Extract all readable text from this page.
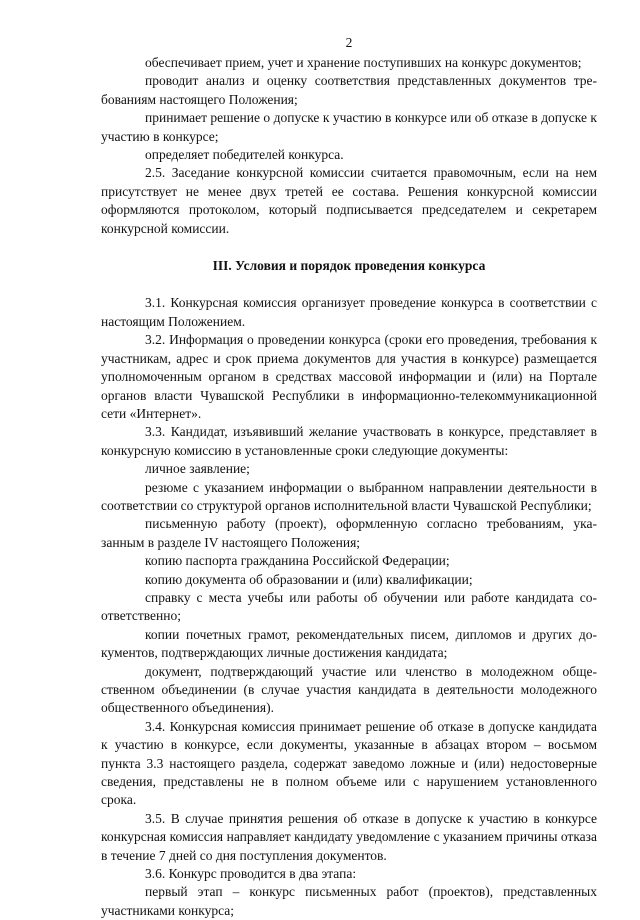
2

обеспечивает прием, учет и хранение поступивших на конкурс документов;

проводит анализ и оценку соответствия представленных документов требованиям настоящего Положения;

принимает решение о допуске к участию в конкурсе или об отказе в допуске к участию в конкурсе;

определяет победителей конкурса.

2.5. Заседание конкурсной комиссии считается правомочным, если на нем присутствует не менее двух третей ее состава. Решения конкурсной комиссии оформляются протоколом, который подписывается председателем и секретарем конкурсной комиссии.

III. Условия и порядок проведения конкурса

3.1. Конкурсная комиссия организует проведение конкурса в соответствии с настоящим Положением.

3.2. Информация о проведении конкурса (сроки его проведения, требования к участникам, адрес и срок приема документов для участия в конкурсе) размещается уполномоченным органом в средствах массовой информации и (или) на Портале органов власти Чувашской Республики в информационно-телекоммуникационной сети «Интернет».

3.3. Кандидат, изъявивший желание участвовать в конкурсе, представляет в конкурсную комиссию в установленные сроки следующие документы:

личное заявление;

резюме с указанием информации о выбранном направлении деятельности в соответствии со структурой органов исполнительной власти Чувашской Республики;

письменную работу (проект), оформленную согласно требованиям, указанным в разделе IV настоящего Положения;

копию паспорта гражданина Российской Федерации;

копию документа об образовании и (или) квалификации;

справку с места учебы или работы об обучении или работе кандидата соответственно;

копии почетных грамот, рекомендательных писем, дипломов и других документов, подтверждающих личные достижения кандидата;

документ, подтверждающий участие или членство в молодежном общественном объединении (в случае участия кандидата в деятельности молодежного общественного объединения).

3.4. Конкурсная комиссия принимает решение об отказе в допуске кандидата к участию в конкурсе, если документы, указанные в абзацах втором – восьмом пункта 3.3 настоящего раздела, содержат заведомо ложные и (или) недостоверные сведения, представлены не в полном объеме или с нарушением установленного срока.

3.5. В случае принятия решения об отказе в допуске к участию в конкурсе конкурсная комиссия направляет кандидату уведомление с указанием причины отказа в течение 7 дней со дня поступления документов.

3.6. Конкурс проводится в два этапа:

первый этап – конкурс письменных работ (проектов), представленных участниками конкурса;
